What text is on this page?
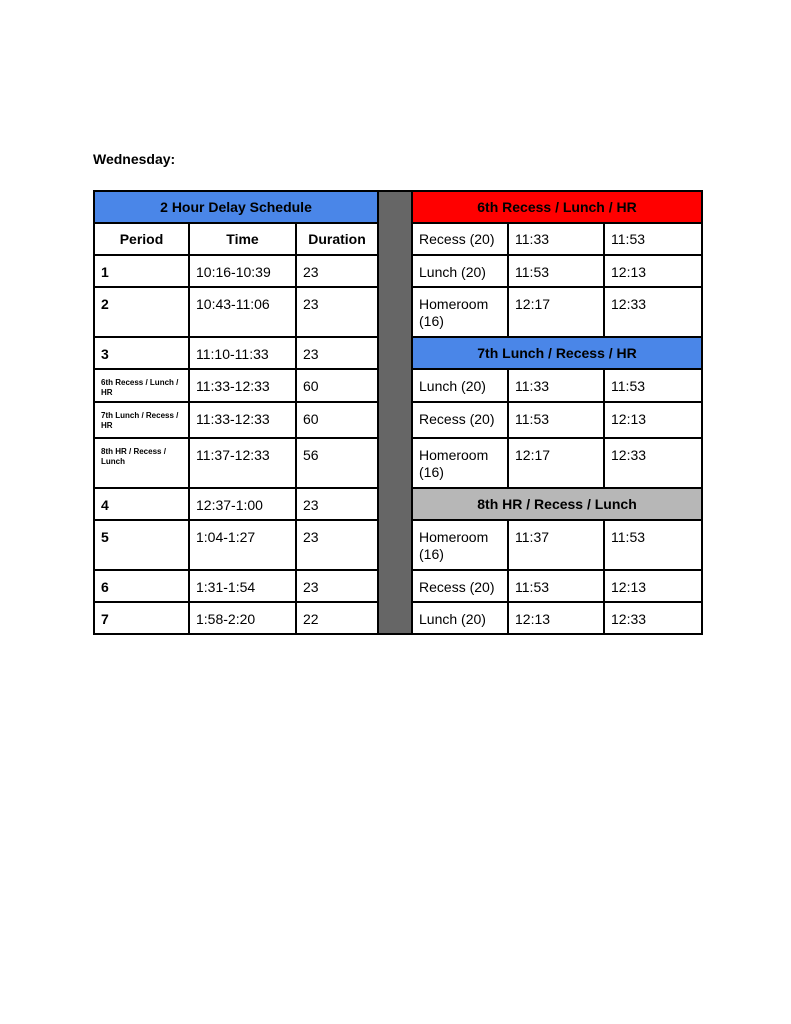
Wednesday:
2 Hour Delay Schedule				6th Recess / Lunch / HR		
Period	Time	Duration		Recess (20)	11:33	11:53
1	10:16-10:39	23		Lunch (20)	11:53	12:13
2	10:43-11:06	23		Homeroom (16)	12:17	12:33
3	11:10-11:33	23		7th Lunch / Recess / HR		
6th Recess / Lunch / HR	11:33-12:33	60		Lunch (20)	11:33	11:53
7th Lunch / Recess / HR	11:33-12:33	60		Recess (20)	11:53	12:13
8th HR / Recess / Lunch	11:37-12:33	56		Homeroom (16)	12:17	12:33
4	12:37-1:00	23		8th HR / Recess / Lunch		
5	1:04-1:27	23		Homeroom (16)	11:37	11:53
6	1:31-1:54	23		Recess (20)	11:53	12:13
7	1:58-2:20	22		Lunch (20)	12:13	12:33
